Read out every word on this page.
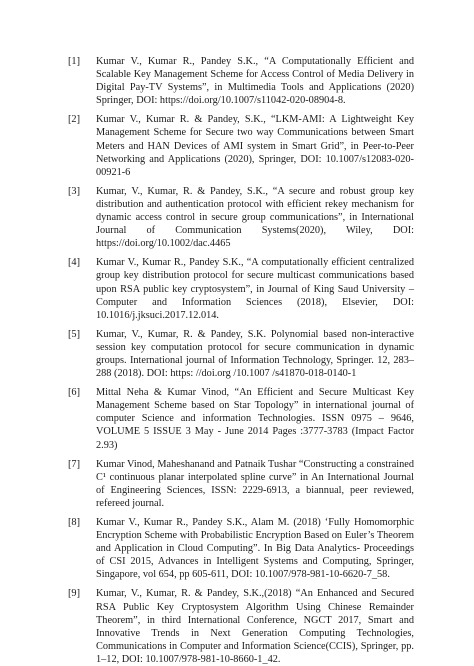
[1]	Kumar V., Kumar R., Pandey S.K., “A Computationally Efficient and Scalable Key Management Scheme for Access Control of Media Delivery in Digital Pay-TV Systems”, in Multimedia Tools and Applications (2020) Springer, DOI: https://doi.org/10.1007/s11042-020-08904-8.
[2]	Kumar V., Kumar R. & Pandey, S.K., “LKM-AMI: A Lightweight Key Management Scheme for Secure two way Communications between Smart Meters and HAN Devices of AMI system in Smart Grid”, in Peer-to-Peer Networking and Applications (2020), Springer, DOI: 10.1007/s12083-020-00921-6
[3]	Kumar, V., Kumar, R. & Pandey, S.K., “A secure and robust group key distribution and authentication protocol with efficient rekey mechanism for dynamic access control in secure group communications”, in International Journal of Communication Systems(2020), Wiley, DOI: https://doi.org/10.1002/dac.4465
[4]	Kumar V., Kumar R., Pandey S.K., “A computationally efficient centralized group key distribution protocol for secure multicast communications based upon RSA public key cryptosystem”, in Journal of King Saud University – Computer and Information Sciences (2018), Elsevier, DOI: 10.1016/j.jksuci.2017.12.014.
[5]	Kumar, V., Kumar, R. & Pandey, S.K. Polynomial based non-interactive session key computation protocol for secure communication in dynamic groups. International journal of Information Technology, Springer. 12, 283–288 (2018). DOI: https: //doi.org /10.1007 /s41870-018-0140-1
[6]	Mittal Neha & Kumar Vinod, “An Efficient and Secure Multicast Key Management Scheme based on Star Topology” in international journal of computer Science and information Technologies. ISSN 0975 – 9646, VOLUME 5 ISSUE 3 May - June 2014 Pages :3777-3783 (Impact Factor 2.93)
[7]	Kumar Vinod, Maheshanand and Patnaik Tushar “Constructing a constrained C¹ continuous planar interpolated spline curve” in An International Journal of Engineering Sciences, ISSN: 2229-6913, a biannual, peer reviewed, refereed journal.
[8]	Kumar V., Kumar R., Pandey S.K., Alam M. (2018) ‘Fully Homomorphic Encryption Scheme with Probabilistic Encryption Based on Euler’s Theorem and Application in Cloud Computing”. In Big Data Analytics- Proceedings of CSI 2015, Advances in Intelligent Systems and Computing, Springer, Singapore, vol 654, pp 605-611, DOI: 10.1007/978-981-10-6620-7_58.
[9]	Kumar, V., Kumar, R. & Pandey, S.K.,(2018) “An Enhanced and Secured RSA Public Key Cryptosystem Algorithm Using Chinese Remainder Theorem”, in third International Conference, NGCT 2017, Smart and Innovative Trends in Next Generation Computing Technologies, Communications in Computer and Information Science(CCIS), Springer, pp. 1–12, DOI: 10.1007/978-981-10-8660-1_42.
